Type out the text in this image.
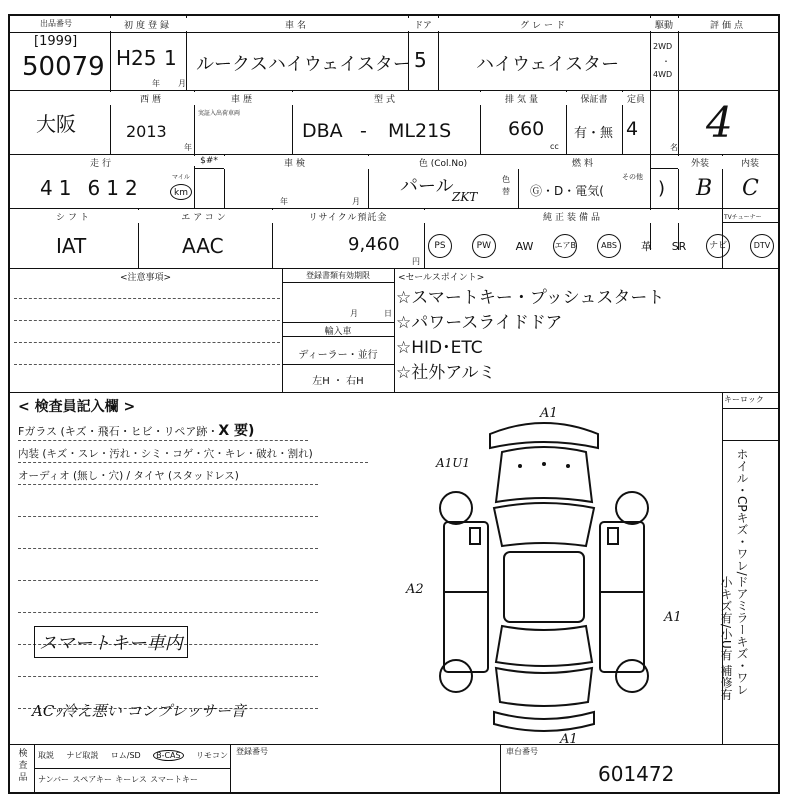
出品番号
[1999]
50079
初度登録
H25 1
年 月
車名
ルークスハイウェイスター
ドア
5
グレード
ハイウェイスター
駆動
2WD
・
4WD
評価点
4
大阪
西暦
2013
年
車歴
実証入出荷車両
型式
DBA - ML21S
排気量
660
cc
保証書
有・無
定員
4
名
走行
4 1 6 1 2	マイル
km
$#*	車検
年	月
色 (Col.No)
パール
ZKT
色替
燃料
Ⓖ・D・電気(
その他
)
外装
B
内装
C
シフト
IAT
エアコン
AAC
リサイクル預託金
9,460
円
純正装備品	TVチューナー
PS	PW	AW	エアB	ABS	革 SR	ナビ	DTV
<注意事項>	登録書類有効期限
月	日
輸入車
ディーラー・並行
左H ・ 右H
<セールスポイント>
☆スマートキー・プッシュスタート
☆パワースライドドア
☆HID･ETC
☆社外アルミ
キーロック
< 検査員記入欄 >
Fガラス (キズ・飛石・ヒビ・リペア跡・X 要)
内装 (キズ・スレ・汚れ・シミ・コゲ・穴・キレ・破れ・割れ)
オーディオ (無し・穴) / タイヤ (スタッドレス)
スマートキー車内
ACｯ冷え悪い コンプレッサー音
ホイル・CPキズ・ワレ/ドアミラーキズ・ワレ
小キズ有/小U有 補修有
A1
A1U1
A2
A1
A1
検査品
取説 ナビ取説 ロム/SD	B-CAS	リモコン
ナンバー スペアキー キーレス スマートキー
登録番号	車台番号
601472
